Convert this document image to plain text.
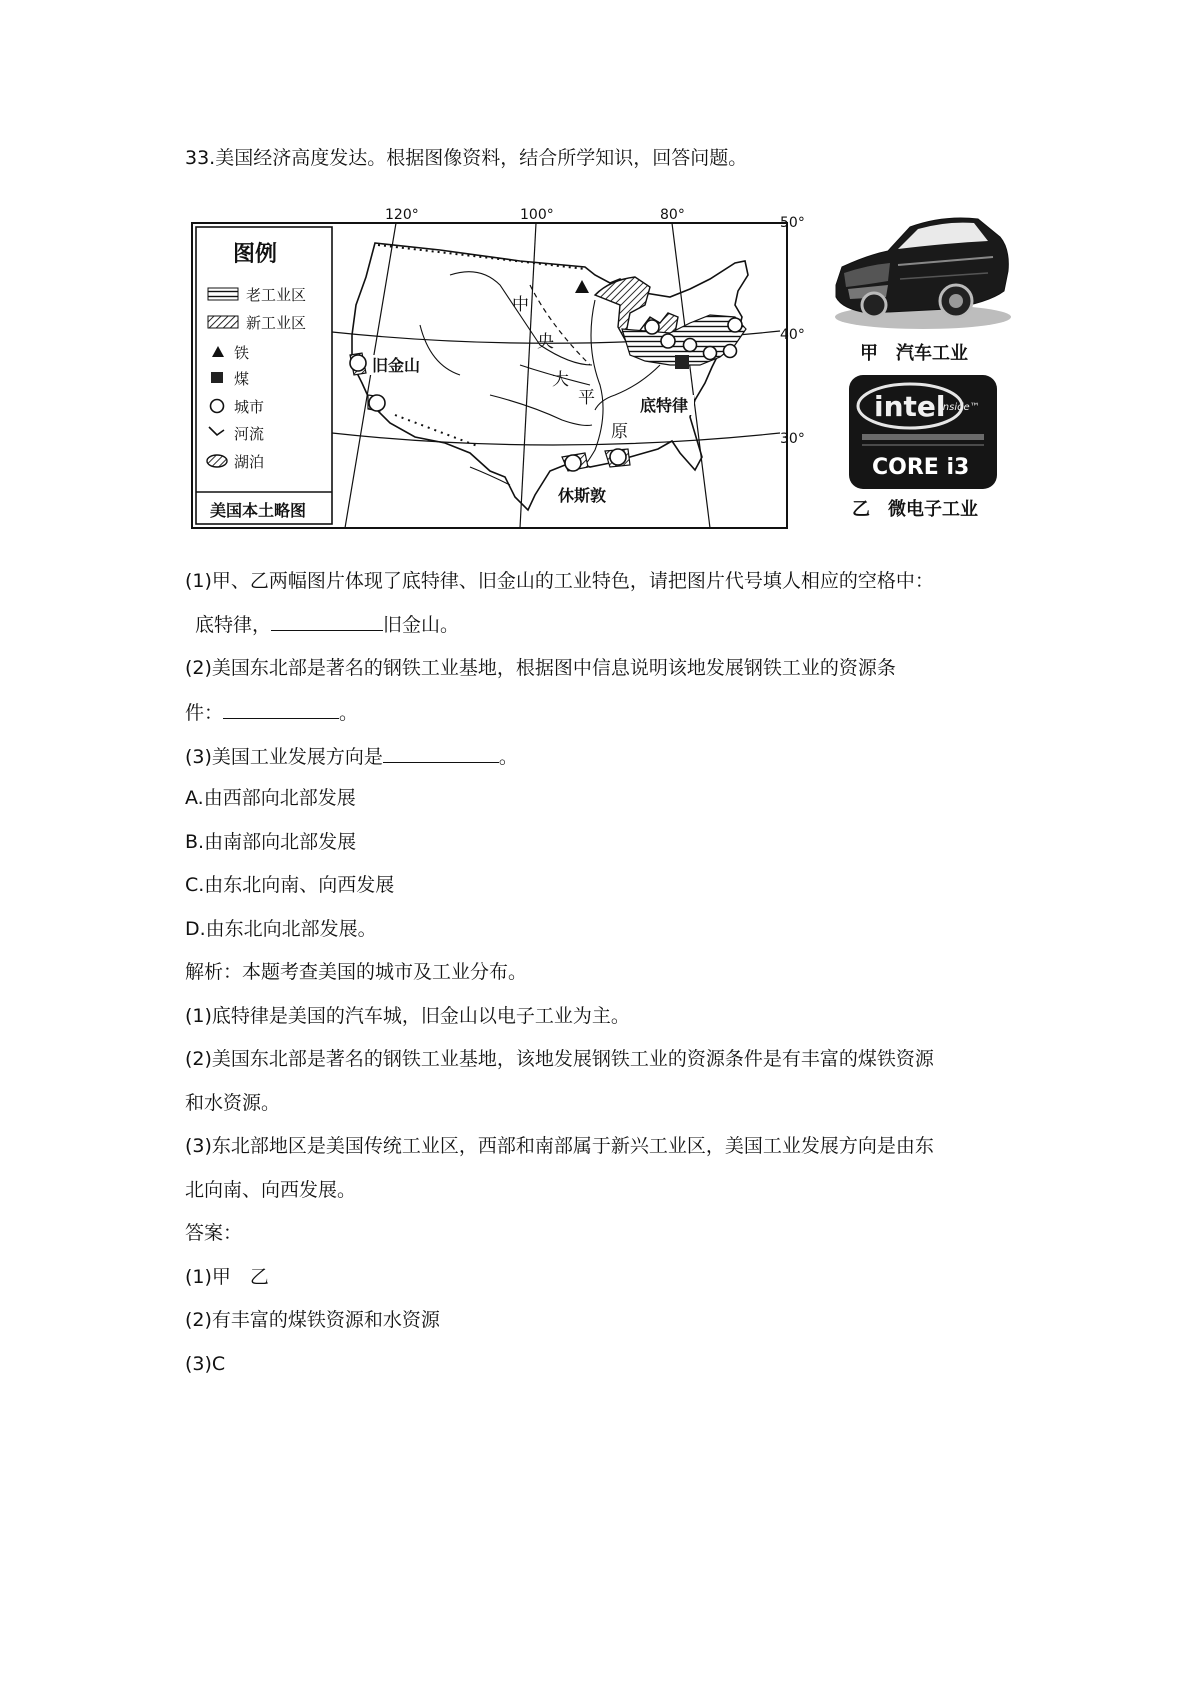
33.美国经济高度发达。根据图像资料，结合所学知识，回答问题。
图例
老工业区
新工业区
铁
煤
城市
河流
湖泊
美国本土略图
120°	100°	80°	50°
40°
30°
中
央
大
平
原
旧金山
底特律
休斯敦
甲　汽车工业
intel
inside™
CORE i3
乙　微电子工业
(1)甲、乙两幅图片体现了底特律、旧金山的工业特色，请把图片代号填人相应的空格中：
底特律，	旧金山。
(2)美国东北部是著名的钢铁工业基地，根据图中信息说明该地发展钢铁工业的资源条
件：	。
(3)美国工业发展方向是	。
A.由西部向北部发展
B.由南部向北部发展
C.由东北向南、向西发展
D.由东北向北部发展。
解析：本题考查美国的城市及工业分布。
(1)底特律是美国的汽车城，旧金山以电子工业为主。
(2)美国东北部是著名的钢铁工业基地，该地发展钢铁工业的资源条件是有丰富的煤铁资源
和水资源。
(3)东北部地区是美国传统工业区，西部和南部属于新兴工业区，美国工业发展方向是由东
北向南、向西发展。
答案：
(1)甲　乙
(2)有丰富的煤铁资源和水资源
(3)C
